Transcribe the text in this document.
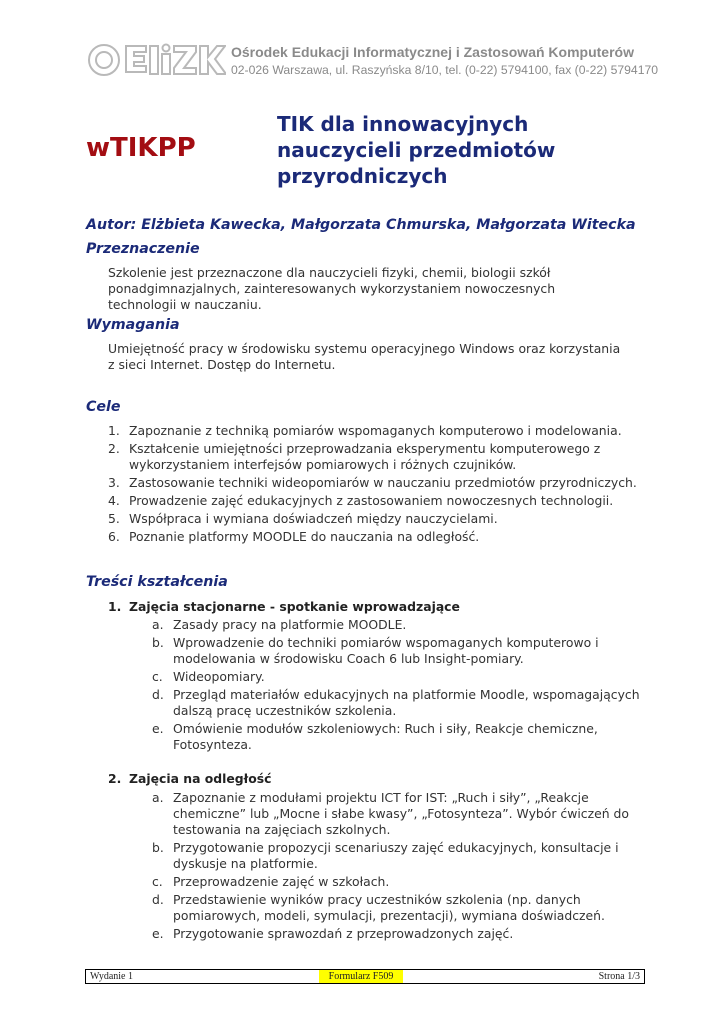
Ośrodek Edukacji Informatycznej i Zastosowań Komputerów
02-026 Warszawa, ul. Raszyńska 8/10, tel. (0-22) 5794100, fax (0-22) 5794170
wTIKPP
TIK dla innowacyjnych nauczycieli przedmiotów przyrodniczych
Autor: Elżbieta Kawecka, Małgorzata Chmurska, Małgorzata Witecka
Przeznaczenie
Szkolenie jest przeznaczone dla nauczycieli fizyki, chemii, biologii szkół ponadgimnazjalnych, zainteresowanych wykorzystaniem nowoczesnych technologii w nauczaniu.
Wymagania
Umiejętność pracy w środowisku systemu operacyjnego Windows oraz korzystania z sieci Internet. Dostęp do Internetu.
Cele
1. Zapoznanie z techniką pomiarów wspomaganych komputerowo i modelowania.
2. Kształcenie umiejętności przeprowadzania eksperymentu komputerowego z wykorzystaniem interfejsów pomiarowych i różnych czujników.
3. Zastosowanie techniki wideopomiarów w nauczaniu przedmiotów przyrodniczych.
4. Prowadzenie zajęć edukacyjnych z zastosowaniem nowoczesnych technologii.
5. Współpraca i wymiana doświadczeń między nauczycielami.
6. Poznanie platformy MOODLE do nauczania na odległość.
Treści kształcenia
1. Zajęcia stacjonarne - spotkanie wprowadzające
a. Zasady pracy na platformie MOODLE.
b. Wprowadzenie do techniki pomiarów wspomaganych komputerowo i modelowania w środowisku Coach 6 lub Insight-pomiary.
c. Wideopomiary.
d. Przegląd materiałów edukacyjnych na platformie Moodle, wspomagających dalszą pracę uczestników szkolenia.
e. Omówienie modułów szkoleniowych: Ruch i siły, Reakcje chemiczne, Fotosynteza.
2. Zajęcia na odległość
a. Zapoznanie z modułami projektu ICT for IST: „Ruch i siły”, „Reakcje chemiczne” lub „Mocne i słabe kwasy”, „Fotosynteza”. Wybór ćwiczeń do testowania na zajęciach szkolnych.
b. Przygotowanie propozycji scenariuszy zajęć edukacyjnych, konsultacje i dyskusje na platformie.
c. Przeprowadzenie zajęć w szkołach.
d. Przedstawienie wyników pracy uczestników szkolenia (np. danych pomiarowych, modeli, symulacji, prezentacji), wymiana doświadczeń.
e. Przygotowanie sprawozdań z przeprowadzonych zajęć.
Wydanie 1	Formularz F509	Strona 1/3
